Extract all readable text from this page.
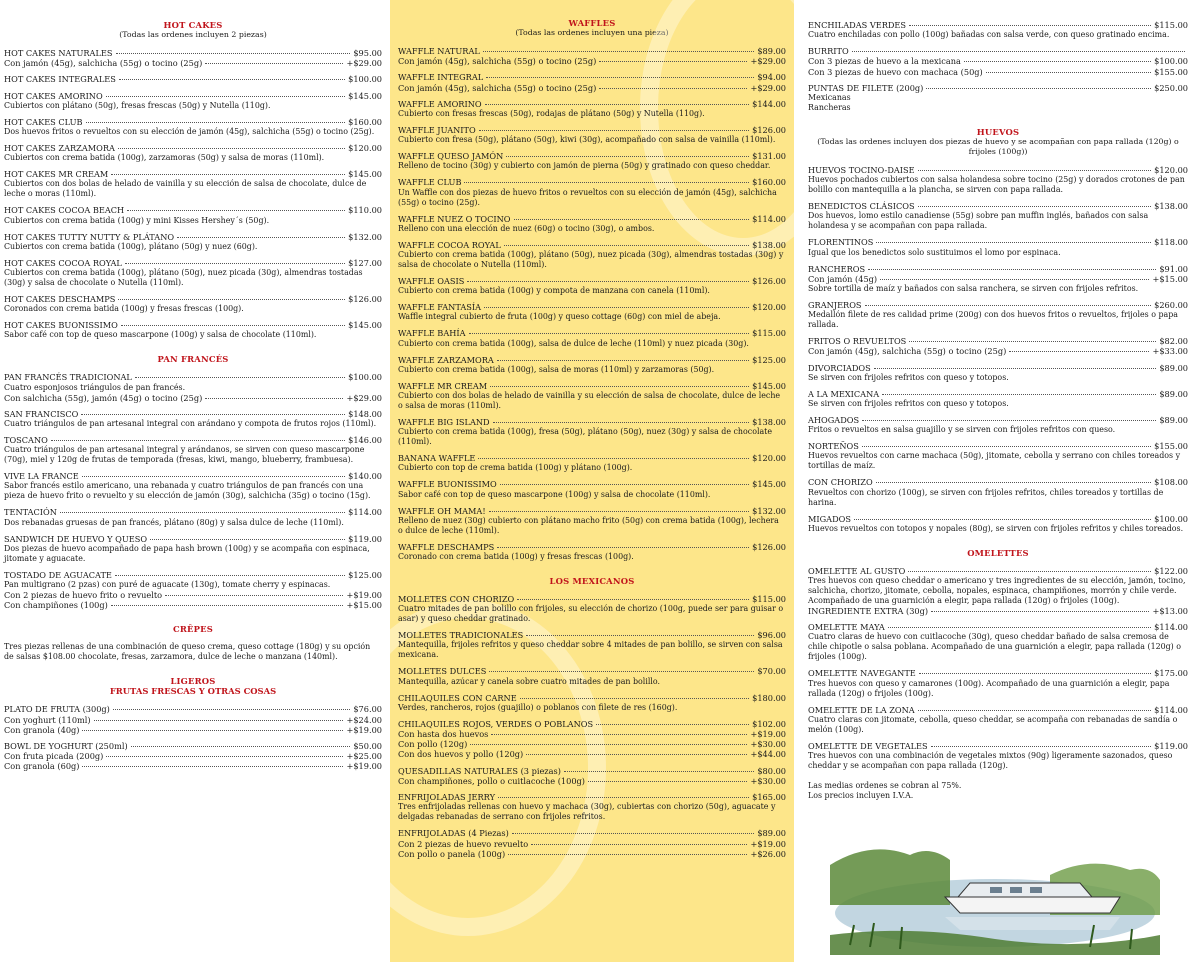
HOT CAKES
(Todas las ordenes incluyen 2 piezas)
HOT CAKES NATURALES	$95.00
Con jamón (45g), salchicha (55g) o tocino (25g)	+$29.00
HOT CAKES INTEGRALES	$100.00
HOT CAKES AMORINO	$145.00
Cubiertos con plátano (50g), fresas frescas (50g) y Nutella (110g).
HOT CAKES CLUB	$160.00
Dos huevos fritos o revueltos con su elección de jamón (45g), salchicha (55g) o tocino (25g).
HOT CAKES ZARZAMORA	$120.00
Cubiertos con crema batida (100g), zarzamoras (50g) y salsa de moras (110ml).
HOT CAKES MR CREAM	$145.00
Cubiertos con dos bolas de helado de vainilla y su elección de salsa de chocolate, dulce de leche o moras (110ml).
HOT CAKES COCOA BEACH	$110.00
Cubiertos con crema batida (100g) y mini Kisses Hershey´s (50g).
HOT CAKES TUTTY NUTTY & PLÁTANO	$132.00
Cubiertos con crema batida (100g), plátano (50g) y nuez (60g).
HOT CAKES COCOA ROYAL	$127.00
Cubiertos con crema batida (100g), plátano (50g), nuez picada (30g), almendras tostadas (30g) y salsa de chocolate o Nutella (110ml).
HOT CAKES DESCHAMPS	$126.00
Coronados con crema batida (100g) y fresas frescas (100g).
HOT CAKES BUONISSIMO	$145.00
Sabor café con top de queso mascarpone (100g) y salsa de chocolate (110ml).
PAN FRANCÉS
PAN FRANCÉS TRADICIONAL	$100.00
Cuatro esponjosos triángulos de pan francés.
Con salchicha (55g), jamón (45g) o tocino (25g)	+$29.00
SAN FRANCISCO	$148.00
Cuatro triángulos de pan artesanal integral con arándano y compota de frutos rojos (110ml).
TOSCANO	$146.00
Cuatro triángulos de pan artesanal integral y arándanos, se sirven con queso mascarpone (70g), miel y 120g de frutas de temporada (fresas, kiwi, mango, blueberry, frambuesa).
VIVE LA FRANCE	$140.00
Sabor francés estilo americano, una rebanada y cuatro triángulos de pan francés con una pieza de huevo frito o revuelto y su elección de jamón (30g), salchicha (35g) o tocino (15g).
TENTACIÓN	$114.00
Dos rebanadas gruesas de pan francés, plátano (80g) y salsa dulce de leche (110ml).
SANDWICH DE HUEVO Y QUESO	$119.00
Dos piezas de huevo acompañado de papa hash brown (100g) y se acompaña con espinaca, jitomate y aguacate.
TOSTADO DE AGUACATE	$125.00
Pan multigrano (2 pzas) con puré de aguacate (130g), tomate cherry y espinacas.
Con 2 piezas de huevo frito o revuelto	+$19.00
Con champiñones (100g)	+$15.00
CRÊPES
Tres piezas rellenas de una combinación de queso crema, queso cottage (180g) y su opción de salsas $108.00 chocolate, fresas, zarzamora, dulce de leche o manzana (140ml).
LIGEROS
FRUTAS FRESCAS Y OTRAS COSAS
PLATO DE FRUTA (300g)	$76.00
Con yoghurt (110ml)	+$24.00
Con granola (40g)	+$19.00
BOWL DE YOGHURT (250ml)	$50.00
Con fruta picada (200g)	+$25.00
Con granola (60g)	+$19.00
WAFFLES
(Todas las ordenes incluyen una pieza)
WAFFLE NATURAL	$89.00
Con jamón (45g), salchicha (55g) o tocino (25g)	+$29.00
WAFFLE INTEGRAL	$94.00
Con jamón (45g), salchicha (55g) o tocino (25g)	+$29.00
WAFFLE AMORINO	$144.00
Cubierto con fresas frescas (50g), rodajas de plátano (50g) y Nutella (110g).
WAFFLE JUANITO	$126.00
Cubierto con fresa (50g), plátano (50g), kiwi (30g), acompañado con salsa de vainilla (110ml).
WAFFLE QUESO JAMÓN	$131.00
Relleno de tocino (30g) y cubierto con jamón de pierna (50g) y gratinado con queso cheddar.
WAFFLE CLUB	$160.00
Un Waffle con dos piezas de huevo fritos o revueltos con su elección de jamón (45g), salchicha (55g) o tocino (25g).
WAFFLE NUEZ O TOCINO	$114.00
Relleno con una elección de nuez (60g) o tocino (30g), o ambos.
WAFFLE COCOA ROYAL	$138.00
Cubierto con crema batida (100g), plátano (50g), nuez picada (30g), almendras tostadas (30g) y salsa de chocolate o Nutella (110ml).
WAFFLE OASIS	$126.00
Cubierto con crema batida (100g) y compota de manzana con canela (110ml).
WAFFLE FANTASÍA	$120.00
Waffle integral cubierto de fruta (100g) y queso cottage (60g) con miel de abeja.
WAFFLE BAHÍA	$115.00
Cubierto con crema batida (100g), salsa de dulce de leche (110ml) y nuez picada (30g).
WAFFLE ZARZAMORA	$125.00
Cubierto con crema batida (100g), salsa de moras (110ml) y zarzamoras (50g).
WAFFLE MR CREAM	$145.00
Cubierto con dos bolas de helado de vainilla y su elección de salsa de chocolate, dulce de leche o salsa de moras (110ml).
WAFFLE BIG ISLAND	$138.00
Cubierto con crema batida (100g), fresa (50g), plátano (50g), nuez (30g) y salsa de chocolate (110ml).
BANANA WAFFLE	$120.00
Cubierto con top de crema batida (100g) y plátano (100g).
WAFFLE BUONISSIMO	$145.00
Sabor café con top de queso mascarpone (100g) y salsa de chocolate (110ml).
WAFFLE OH MAMA!	$132.00
Relleno de nuez (30g) cubierto con plátano macho frito (50g) con crema batida (100g), lechera o dulce de leche (110ml).
WAFFLE DESCHAMPS	$126.00
Coronado con crema batida (100g) y fresas frescas (100g).
LOS MEXICANOS
MOLLETES CON CHORIZO	$115.00
Cuatro mitades de pan bolillo con frijoles, su elección de chorizo (100g, puede ser para guisar o asar) y queso cheddar gratinado.
MOLLETES TRADICIONALES	$96.00
Mantequilla, frijoles refritos y queso cheddar sobre 4 mitades de pan bolillo, se sirven con salsa mexicana.
MOLLETES DULCES	$70.00
Mantequilla, azúcar y canela sobre cuatro mitades de pan bolillo.
CHILAQUILES CON CARNE	$180.00
Verdes, rancheros, rojos (guajillo) o poblanos con filete de res (160g).
CHILAQUILES ROJOS, VERDES O POBLANOS	$102.00
Con hasta dos huevos	+$19.00
Con pollo (120g)	+$30.00
Con dos huevos y pollo (120g)	+$44.00
QUESADILLAS NATURALES (3 piezas)	$80.00
Con champiñones, pollo o cuitlacoche (100g)	+$30.00
ENFRIJOLADAS JERRY	$165.00
Tres enfrijoladas rellenas con huevo y machaca (30g), cubiertas con chorizo (50g), aguacate y delgadas rebanadas de serrano con frijoles refritos.
ENFRIJOLADAS (4 Piezas)	$89.00
Con 2 piezas de huevo revuelto	+$19.00
Con pollo o panela (100g)	+$26.00
ENCHILADAS VERDES	$115.00
Cuatro enchiladas con pollo (100g) bañadas con salsa verde, con queso gratinado encima.
BURRITO
Con 3 piezas de huevo a la mexicana	$100.00
Con 3 piezas de huevo con machaca (50g)	$155.00
PUNTAS DE FILETE (200g)	$250.00
Mexicanas
Rancheras
HUEVOS
(Todas las ordenes incluyen dos piezas de huevo y se acompañan con papa rallada (120g) o frijoles (100g))
HUEVOS TOCINO-DAISE	$120.00
Huevos pochados cubiertos con salsa holandesa sobre tocino (25g) y dorados crotones de pan bolillo con mantequilla a la plancha, se sirven con papa rallada.
BENEDICTOS CLÁSICOS	$138.00
Dos huevos, lomo estilo canadiense (55g) sobre pan muffin inglés, bañados con salsa holandesa y se acompañan con papa rallada.
FLORENTINOS	$118.00
Igual que los benedictos solo sustituimos el lomo por espinaca.
RANCHEROS	$91.00
Con jamón (45g)	+$15.00
Sobre tortilla de maíz y bañados con salsa ranchera, se sirven con frijoles refritos.
GRANJEROS	$260.00
Medallón filete de res calidad prime (200g) con dos huevos fritos o revueltos, frijoles o papa rallada.
FRITOS O REVUELTOS	$82.00
Con jamón (45g), salchicha (55g) o tocino (25g)	+$33.00
DIVORCIADOS	$89.00
Se sirven con frijoles refritos con queso y totopos.
A LA MEXICANA	$89.00
Se sirven con frijoles refritos con queso y totopos.
AHOGADOS	$89.00
Fritos o revueltos en salsa guajillo y se sirven con frijoles refritos con queso.
NORTEÑOS	$155.00
Huevos revueltos con carne machaca (50g), jitomate, cebolla y serrano con chiles toreados y tortillas de maíz.
CON CHORIZO	$108.00
Revueltos con chorizo (100g), se sirven con frijoles refritos, chiles toreados y tortillas de harina.
MIGADOS	$100.00
Huevos revueltos con totopos y nopales (80g), se sirven con frijoles refritos y chiles toreados.
OMELETTES
OMELETTE AL GUSTO	$122.00
Tres huevos con queso cheddar o americano y tres ingredientes de su elección, jamón, tocino, salchicha, chorizo, jitomate, cebolla, nopales, espinaca, champiñones, morrón y chile verde. Acompañado de una guarnición a elegir, papa rallada (120g) o frijoles (100g).
INGREDIENTE EXTRA (30g)	+$13.00
OMELETTE MAYA	$114.00
Cuatro claras de huevo con cuitlacoche (30g), queso cheddar bañado de salsa cremosa de chile chipotle o salsa poblana. Acompañado de una guarnición a elegir, papa rallada (120g) o frijoles (100g).
OMELETTE NAVEGANTE	$175.00
Tres huevos con queso y camarones (100g). Acompañado de una guarnición a elegir, papa rallada (120g) o frijoles (100g).
OMELETTE DE LA ZONA	$114.00
Cuatro claras con jitomate, cebolla, queso cheddar, se acompaña con rebanadas de sandía o melón (100g).
OMELETTE DE VEGETALES	$119.00
Tres huevos con una combinación de vegetales mixtos (90g) ligeramente sazonados, queso cheddar y se acompañan con papa rallada (120g).
Las medias ordenes se cobran al 75%.
Los precios incluyen I.V.A.
